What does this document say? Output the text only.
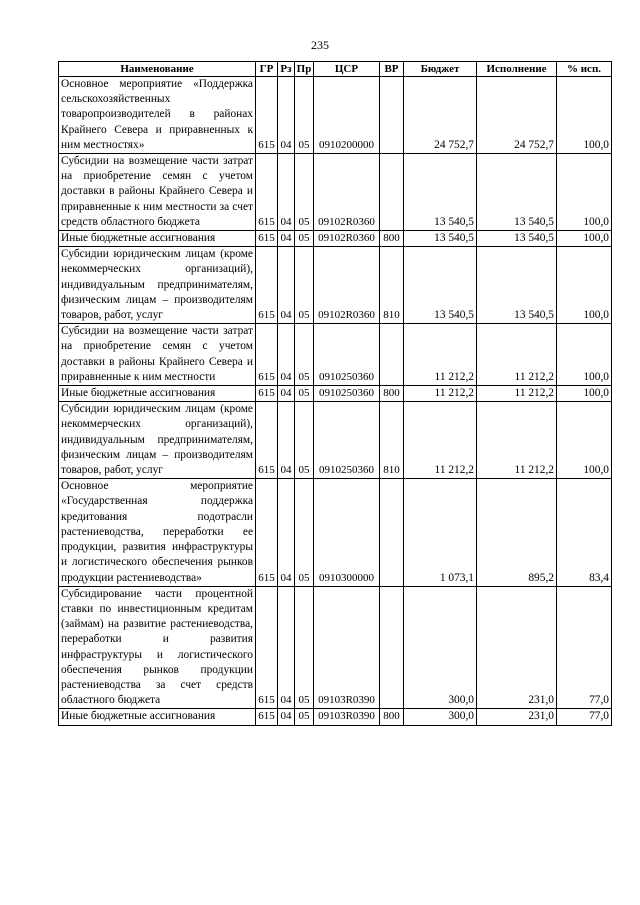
235
Наименование	ГР	Рз	Пр	ЦСР	ВР	Бюджет	Исполнение	% исп.
Основное мероприятие «Поддержка сельскохозяйственных товаропроизводителей в районах Крайнего Севера и приравненных к ним местностях»	615	04	05	0910200000		24 752,7	24 752,7	100,0
Субсидии на возмещение части затрат на приобретение семян с учетом доставки в районы Крайнего Севера и приравненные к ним местности за счет средств областного бюджета	615	04	05	09102R0360		13 540,5	13 540,5	100,0
Иные бюджетные ассигнования	615	04	05	09102R0360	800	13 540,5	13 540,5	100,0
Субсидии юридическим лицам (кроме некоммерческих организаций), индивидуальным предпринимателям, физическим лицам – производителям товаров, работ, услуг	615	04	05	09102R0360	810	13 540,5	13 540,5	100,0
Субсидии на возмещение части затрат на приобретение семян с учетом доставки в районы Крайнего Севера и приравненные к ним местности	615	04	05	0910250360		11 212,2	11 212,2	100,0
Иные бюджетные ассигнования	615	04	05	0910250360	800	11 212,2	11 212,2	100,0
Субсидии юридическим лицам (кроме некоммерческих организаций), индивидуальным предпринимателям, физическим лицам – производителям товаров, работ, услуг	615	04	05	0910250360	810	11 212,2	11 212,2	100,0
Основное мероприятие «Государственная поддержка кредитования подотрасли растениеводства, переработки ее продукции, развития инфраструктуры и логистического обеспечения рынков продукции растениеводства»	615	04	05	0910300000		1 073,1	895,2	83,4
Субсидирование части процентной ставки по инвестиционным кредитам (займам) на развитие растениеводства, переработки и развития инфраструктуры и логистического обеспечения рынков продукции растениеводства за счет средств областного бюджета	615	04	05	09103R0390		300,0	231,0	77,0
Иные бюджетные ассигнования	615	04	05	09103R0390	800	300,0	231,0	77,0
